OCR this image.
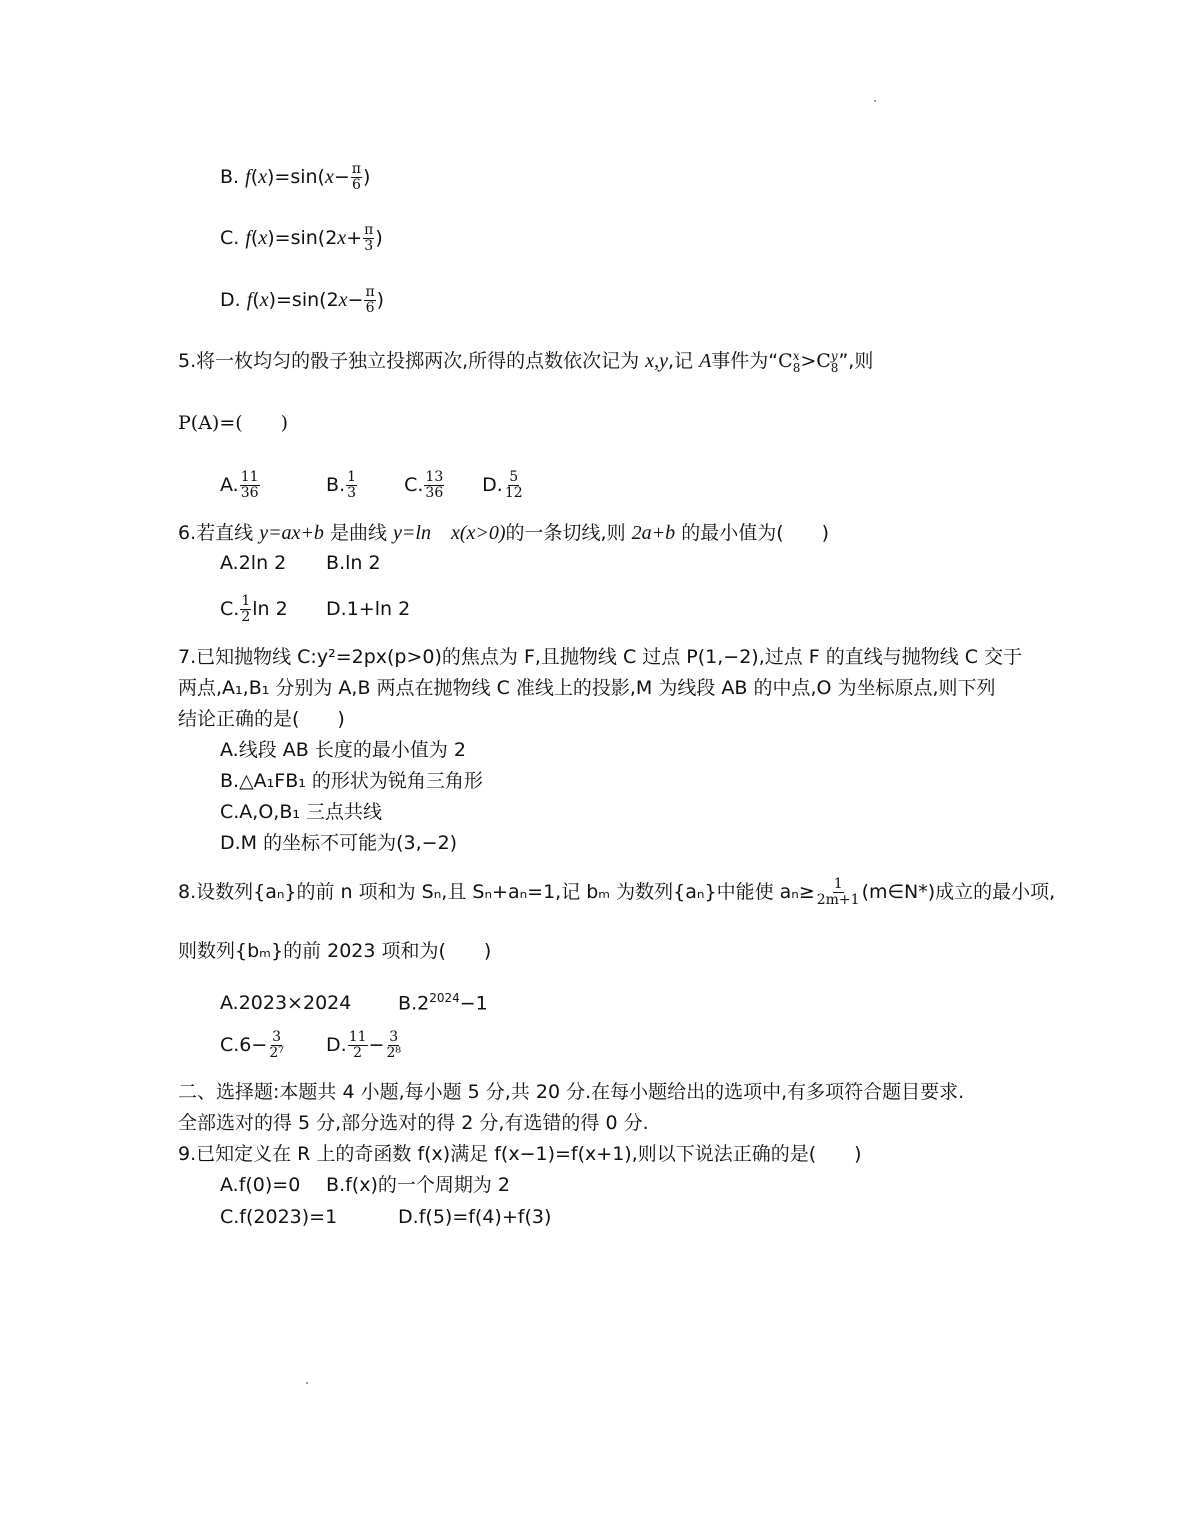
B. $f(x)=\sin(x- \frac{\pi}{6}$ )
C. $f(x)=\sin(2x+ \frac{\pi}{3}$ )
D. $f(x)=\sin(2x- \frac{\pi}{6}$ )
5.将一枚均匀的骰子独立投掷两次,所得的点数依次记为 x,y,记 A事件为“C x
8 >C y
8 ”,则
P(A)=(　　)
A. $\frac{11}{36}$	B. $\frac{1}{3} C$. $\frac{13}{36} D$. $\frac{5}{12}$
6.若直线 y=ax+b 是曲线 y=ln　x(x>0)的一条切线,则 2a+b 的最小值为(　　)
A.2ln 2 B.ln 2
C. $\frac{1}{2}$ ln 2 D.1+ln 2
7.已知抛物线 C:y²=2px(p>0)的焦点为 F,且抛物线 C 过点 P(1,−2),过点 F 的直线与抛物线 C 交于
两点,A₁,B₁ 分别为 A,B 两点在抛物线 C 准线上的投影,M 为线段 AB 的中点,O 为坐标原点,则下列
结论正确的是(　　)
A.线段 AB 长度的最小值为 2
B.△A₁FB₁ 的形状为锐角三角形
C.A,O,B₁ 三点共线
D.M 的坐标不可能为(3,−2)
8.设数列{aₙ}的前 n 项和为 Sₙ,且 Sₙ+aₙ=1,记 bₘ 为数列{aₙ}中能使 $a_n\ge \frac{1}{2m+1}$ (m∈N*)成立的最小项,
则数列{bₘ}的前 2023 项和为(　　)
A.2023×2024 $B.2^{2024}-1$
$C.6- \frac{3}{\text{2⁷}} D$. $\frac{11}{2} - \frac{3}{\text{2⁸}}$
二、选择题:本题共 4 小题,每小题 5 分,共 20 分.在每小题给出的选项中,有多项符合题目要求.
全部选对的得 5 分,部分选对的得 2 分,有选错的得 0 分.
9.已知定义在 R 上的奇函数 f(x)满足 f(x−1)=f(x+1),则以下说法正确的是(　　)
A.f(0)=0 B.f(x)的一个周期为 2
C.f(2023)=1	D.f(5)=f(4)+f(3)
